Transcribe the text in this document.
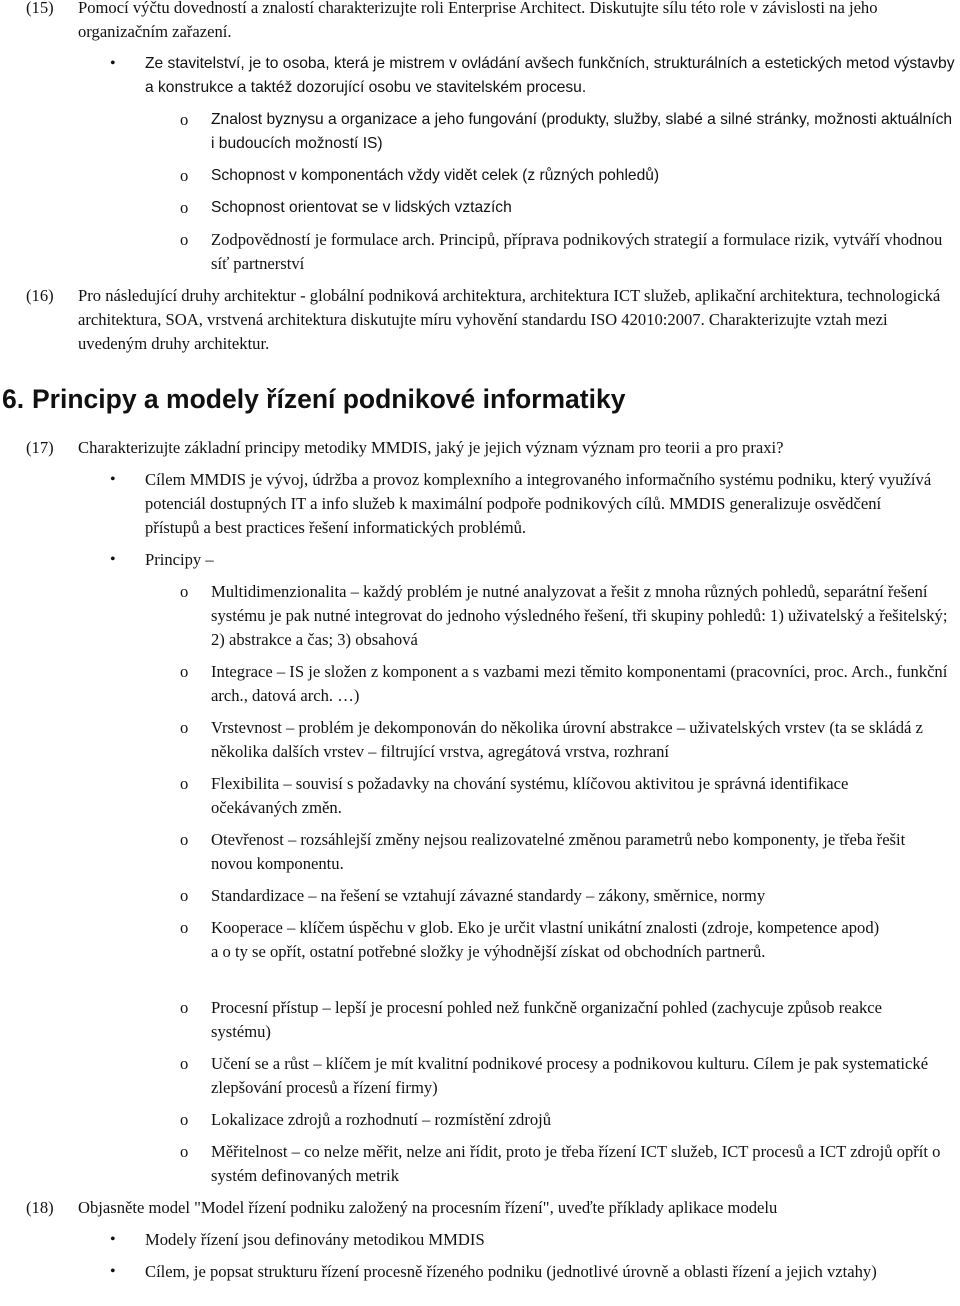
(15) Pomocí výčtu dovedností a znalostí charakterizujte roli Enterprise Architect. Diskutujte sílu této role v závislosti na jeho organizačním zařazení.
• Ze stavitelství, je to osoba, která je mistrem v ovládání avšech funkčních, strukturálních a estetických metod výstavby a konstrukce a taktéž dozorující osobu ve stavitelském procesu.
o Znalost byznysu a organizace a jeho fungování (produkty, služby, slabé a silné stránky, možnosti aktuálních i budoucích možností IS)
o Schopnost v komponentách vždy vidět celek (z různých pohledů)
o Schopnost orientovat se v lidských vztazích
o Zodpovědností je formulace arch. Principů, příprava podnikových strategií a formulace rizik, vytváří vhodnou síť partnerství
(16) Pro následující druhy architektur - globální podniková architektura, architektura ICT služeb, aplikační architektura, technologická architektura, SOA, vrstvená architektura diskutujte míru vyhovění standardu ISO 42010:2007. Charakterizujte vztah mezi uvedeným druhy architektur.
6. Principy a modely řízení podnikové informatiky
(17) Charakterizujte základní principy metodiky MMDIS, jaký je jejich význam význam pro teorii a pro praxi?
• Cílem MMDIS je vývoj, údržba a provoz komplexního a integrovaného informačního systému podniku, který využívá potenciál dostupných IT a info služeb k maximální podpoře podnikových cílů. MMDIS generalizuje osvědčení přístupů a best practices řešení informatických problémů.
• Principy –
o Multidimenzionalita – každý problém je nutné analyzovat a řešit z mnoha různých pohledů, separátní řešení systému je pak nutné integrovat do jednoho výsledného řešení, tři skupiny pohledů: 1) uživatelský a řešitelský; 2) abstrakce a čas; 3) obsahová
o Integrace – IS je složen z komponent a s vazbami mezi těmito komponentami (pracovníci, proc. Arch., funkční arch., datová arch. …)
o Vrstevnost – problém je dekomponován do několika úrovní abstrakce – uživatelských vrstev (ta se skládá z několika dalších vrstev – filtrující vrstva, agregátová vrstva, rozhraní
o Flexibilita – souvisí s požadavky na chování systému, klíčovou aktivitou je správná identifikace očekávaných změn.
o Otevřenost – rozsáhlejší změny nejsou realizovatelné změnou parametrů nebo komponenty, je třeba řešit novou komponentu.
o Standardizace – na řešení se vztahují závazné standardy – zákony, směrnice, normy
o Kooperace – klíčem úspěchu v glob. Eko je určit vlastní unikátní znalosti (zdroje, kompetence apod) a o ty se opřít, ostatní potřebné složky je výhodnější získat od obchodních partnerů.
o Procesní přístup – lepší je procesní pohled než funkčně organizační pohled (zachycuje způsob reakce systému)
o Učení se a růst – klíčem je mít kvalitní podnikové procesy a podnikovou kulturu. Cílem je pak systematické zlepšování procesů a řízení firmy)
o Lokalizace zdrojů a rozhodnutí – rozmístění zdrojů
o Měřitelnost – co nelze měřit, nelze ani řídit, proto je třeba řízení ICT služeb, ICT procesů a ICT zdrojů opřít o systém definovaných metrik
(18) Objasněte model "Model řízení podniku založený na procesním řízení", uveďte příklady aplikace modelu
• Modely řízení jsou definovány metodikou MMDIS
• Cílem, je popsat strukturu řízení procesně řízeného podniku (jednotlivé úrovně a oblasti řízení a jejich vztahy)
